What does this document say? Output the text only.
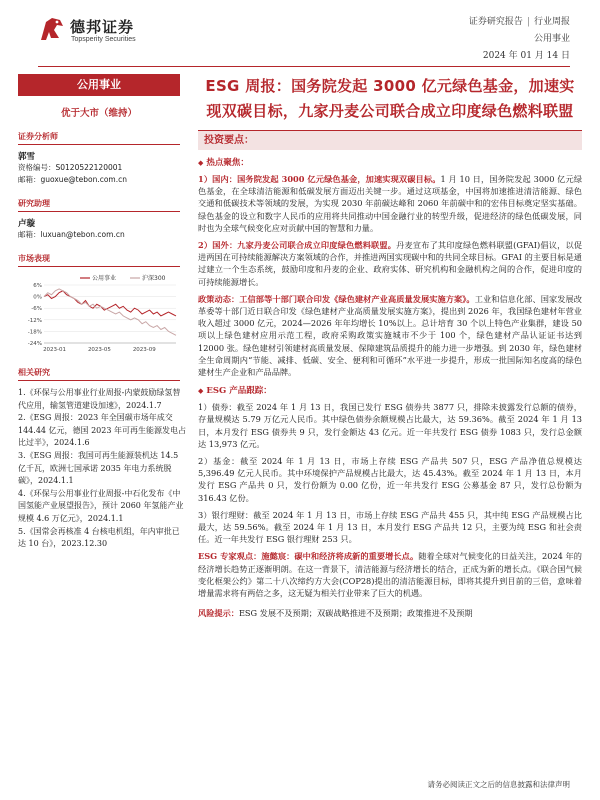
德邦证券
Topsperity Securities
证券研究报告 | 行业周报
公用事业
2024 年 01 月 14 日
公用事业
优于大市（维持）
证券分析师
郭雪
资格编号：S0120522120001
邮箱：guoxue@tebon.com.cn
研究助理
卢璇
邮箱：luxuan@tebon.com.cn
市场表现
6%
0%
-6%
-12%
-18%
-24%
2023-01	2023-05	2023-09
公用事业	沪深300
相关研究
1.《环保与公用事业行业周报-内蒙鼓励绿氢替代应用，输氢管道建设加速》，2024.1.7
2.《ESG 周报：2023 年全国碳市场年成交 144.44 亿元，德国 2023 年可再生能源发电占比过半》，2024.1.6
3.《ESG 周报：我国可再生能源装机达 14.5 亿千瓦，欧洲七国承诺 2035 年电力系统脱碳》，2024.1.1
4.《环保与公用事业行业周报-中石化发布《中国氢能产业展望报告》，预计 2060 年氢能产业规模 4.6 万亿元》，2024.1.1
5.《国常会再核准 4 台核电机组，年内审批已达 10 台》，2023.12.30
ESG 周报：国务院发起 3000 亿元绿色基金，加速实现双碳目标，九家丹麦公司联合成立印度绿色燃料联盟
投资要点：
◆ 热点聚焦：

1）国内：国务院发起 3000 亿元绿色基金，加速实现双碳目标。1 月 10 日，国务院发起 3000 亿元绿色基金，在全球清洁能源和低碳发展方面迈出关键一步。通过这项基金，中国将加速推进清洁能源、绿色交通和低碳技术等领域的发展，为实现 2030 年前碳达峰和 2060 年前碳中和的宏伟目标奠定坚实基础。绿色基金的设立和数字人民币的应用将共同推动中国金融行业的转型升级，促进经济的绿色低碳发展，同时也为全球气候变化应对贡献中国的智慧和力量。

2）国外：九家丹麦公司联合成立印度绿色燃料联盟。丹麦宣布了其印度绿色燃料联盟(GFAI)倡议，以促进两国在可持续能源解决方案领域的合作，并推进两国实现碳中和的共同全球目标。GFAI 的主要目标是通过建立一个生态系统，鼓励印度和丹麦的企业、政府实体、研究机构和金融机构之间的合作，促进印度的可持续能源增长。

政策动态：工信部等十部门联合印发《绿色建材产业高质量发展实施方案》。工业和信息化部、国家发展改革委等十部门近日联合印发《绿色建材产业高质量发展实施方案》，提出到 2026 年，我国绿色建材年营业收入超过 3000 亿元，2024—2026 年年均增长 10%以上。总计培育 30 个以上特色产业集群，建设 50 项以上绿色建材应用示范工程，政府采购政策实施城市不少于 100 个，绿色建材产品认证证书达到 12000 张。绿色建材引领建材高质量发展、保障建筑品质提升的能力进一步增强。到 2030 年，绿色建材全生命周期内“节能、减排、低碳、安全、便利和可循环”水平进一步提升，形成一批国际知名度高的绿色建材生产企业和产品品牌。

◆ ESG 产品跟踪：

1）债券：截至 2024 年 1 月 13 日，我国已发行 ESG 债券共 3877 只，排除未披露发行总额的债券，存量规模达 5.79 万亿元人民币。其中绿色债券余额规模占比最大，达 59.36%。截至 2024 年 1 月 13 日，本月发行 ESG 债券共 9 只，发行金额达 43 亿元。近一年共发行 ESG 债券 1083 只，发行总金额达 13,973 亿元。

2）基金：截至 2024 年 1 月 13 日，市场上存续 ESG 产品共 507 只，ESG 产品净值总规模达 5,396.49 亿元人民币。其中环境保护产品规模占比最大，达 45.43%。截至 2024 年 1 月 13 日，本月发行 ESG 产品共 0 只，发行份额为 0.00 亿份，近一年共发行 ESG 公募基金 87 只，发行总份额为 316.43 亿份。

3）银行理财：截至 2024 年 1 月 13 日，市场上存续 ESG 产品共 455 只，其中纯 ESG 产品规模占比最大，达 59.56%。截至 2024 年 1 月 13 日，本月发行 ESG 产品共 12 只，主要为纯 ESG 和社会责任。近一年共发行 ESG 银行理财 253 只。

ESG 专家观点：施懿宸：碳中和经济将成新的重要增长点。随着全球对气候变化的日益关注，2024 年的经济增长趋势正逐渐明朗。在这一背景下，清洁能源与经济增长的结合，正成为新的增长点。《联合国气候变化框架公约》第二十八次缔约方大会(COP28)提出的清洁能源目标，即将其提升到目前的三倍，意味着增量需求将有两倍之多，这无疑为相关行业带来了巨大的机遇。

风险提示：ESG 发展不及预期；双碳战略推进不及预期；政策推进不及预期

请务必阅读正文之后的信息披露和法律声明
